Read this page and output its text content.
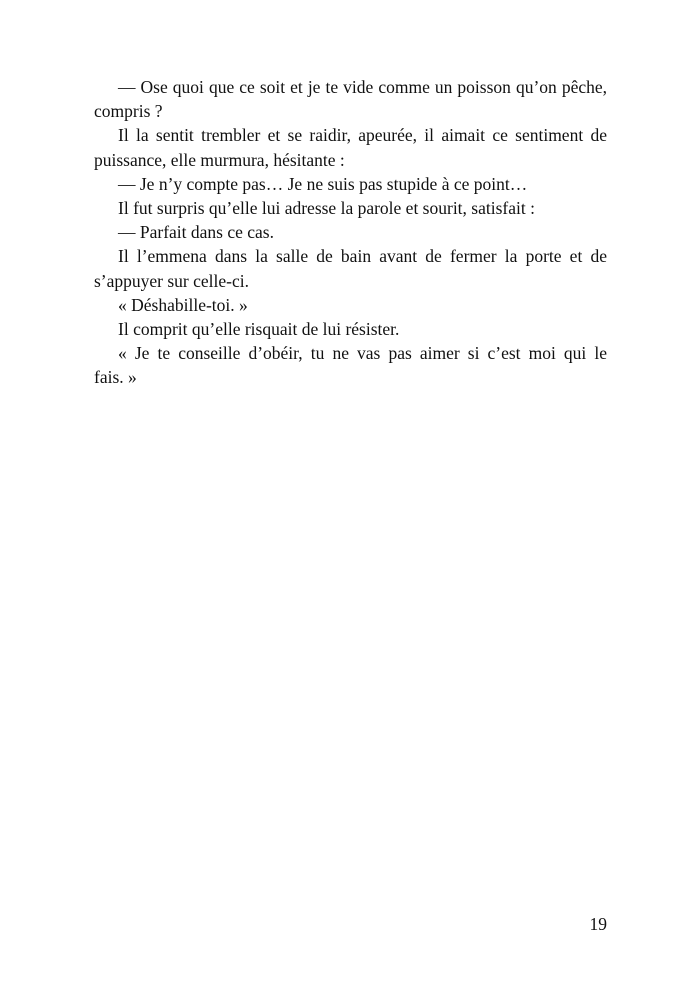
— Ose quoi que ce soit et je te vide comme un poisson qu’on pêche,
compris ?
Il la sentit trembler et se raidir, apeurée, il aimait ce sentiment de
puissance, elle murmura, hésitante :
— Je n’y compte pas… Je ne suis pas stupide à ce point…
Il fut surpris qu’elle lui adresse la parole et sourit, satisfait :
— Parfait dans ce cas.
Il l’emmena dans la salle de bain avant de fermer la porte et de
s’appuyer sur celle-ci.
« Déshabille-toi. »
Il comprit qu’elle risquait de lui résister.
« Je te conseille d’obéir, tu ne vas pas aimer si c’est moi qui le
fais. »
19
